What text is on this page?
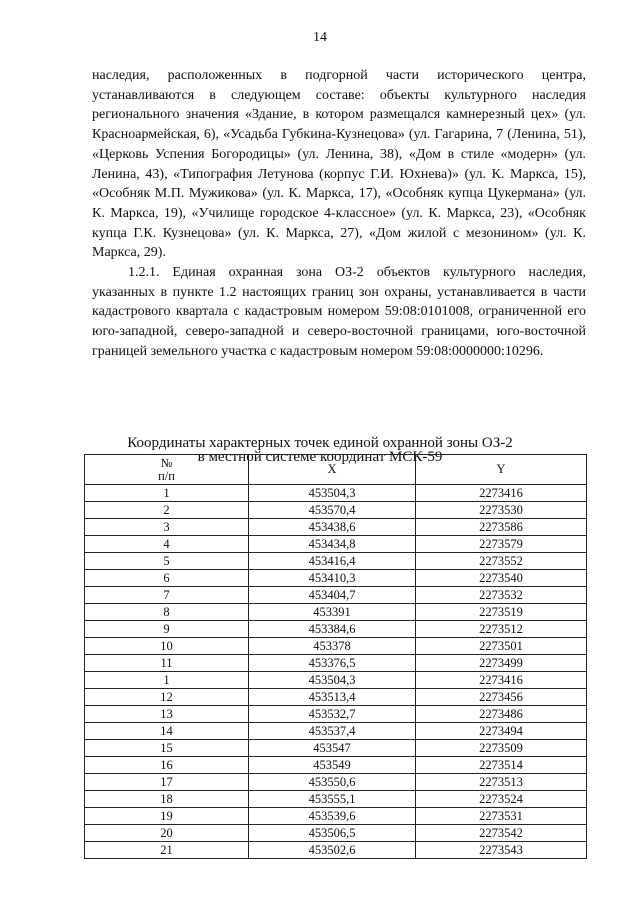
14

наследия, расположенных в подгорной части исторического центра, устанавливаются в следующем составе: объекты культурного наследия регионального значения «Здание, в котором размещался камнерезный цех» (ул. Красноармейская, 6), «Усадьба Губкина-Кузнецова» (ул. Гагарина, 7 (Ленина, 51), «Церковь Успения Богородицы» (ул. Ленина, 38), «Дом в стиле «модерн» (ул. Ленина, 43), «Типография Летунова (корпус Г.И. Юхнева)» (ул. К. Маркса, 15), «Особняк М.П. Мужикова» (ул. К. Маркса, 17), «Особняк купца Цукермана» (ул. К. Маркса, 19), «Училище городское 4-классное» (ул. К. Маркса, 23), «Особняк купца Г.К. Кузнецова» (ул. К. Маркса, 27), «Дом жилой с мезонином» (ул. К. Маркса, 29).

1.2.1. Единая охранная зона ОЗ-2 объектов культурного наследия, указанных в пункте 1.2 настоящих границ зон охраны, устанавливается в части кадастрового квартала с кадастровым номером 59:08:0101008, ограниченной его юго-западной, северо-западной и северо-восточной границами, юго-восточной границей земельного участка с кадастровым номером 59:08:0000000:10296.

Координаты характерных точек единой охранной зоны ОЗ-2
в местной системе координат МСК-59
№
п/п	X	Y
1	453504,3	2273416
2	453570,4	2273530
3	453438,6	2273586
4	453434,8	2273579
5	453416,4	2273552
6	453410,3	2273540
7	453404,7	2273532
8	453391	2273519
9	453384,6	2273512
10	453378	2273501
11	453376,5	2273499
1	453504,3	2273416
12	453513,4	2273456
13	453532,7	2273486
14	453537,4	2273494
15	453547	2273509
16	453549	2273514
17	453550,6	2273513
18	453555,1	2273524
19	453539,6	2273531
20	453506,5	2273542
21	453502,6	2273543
